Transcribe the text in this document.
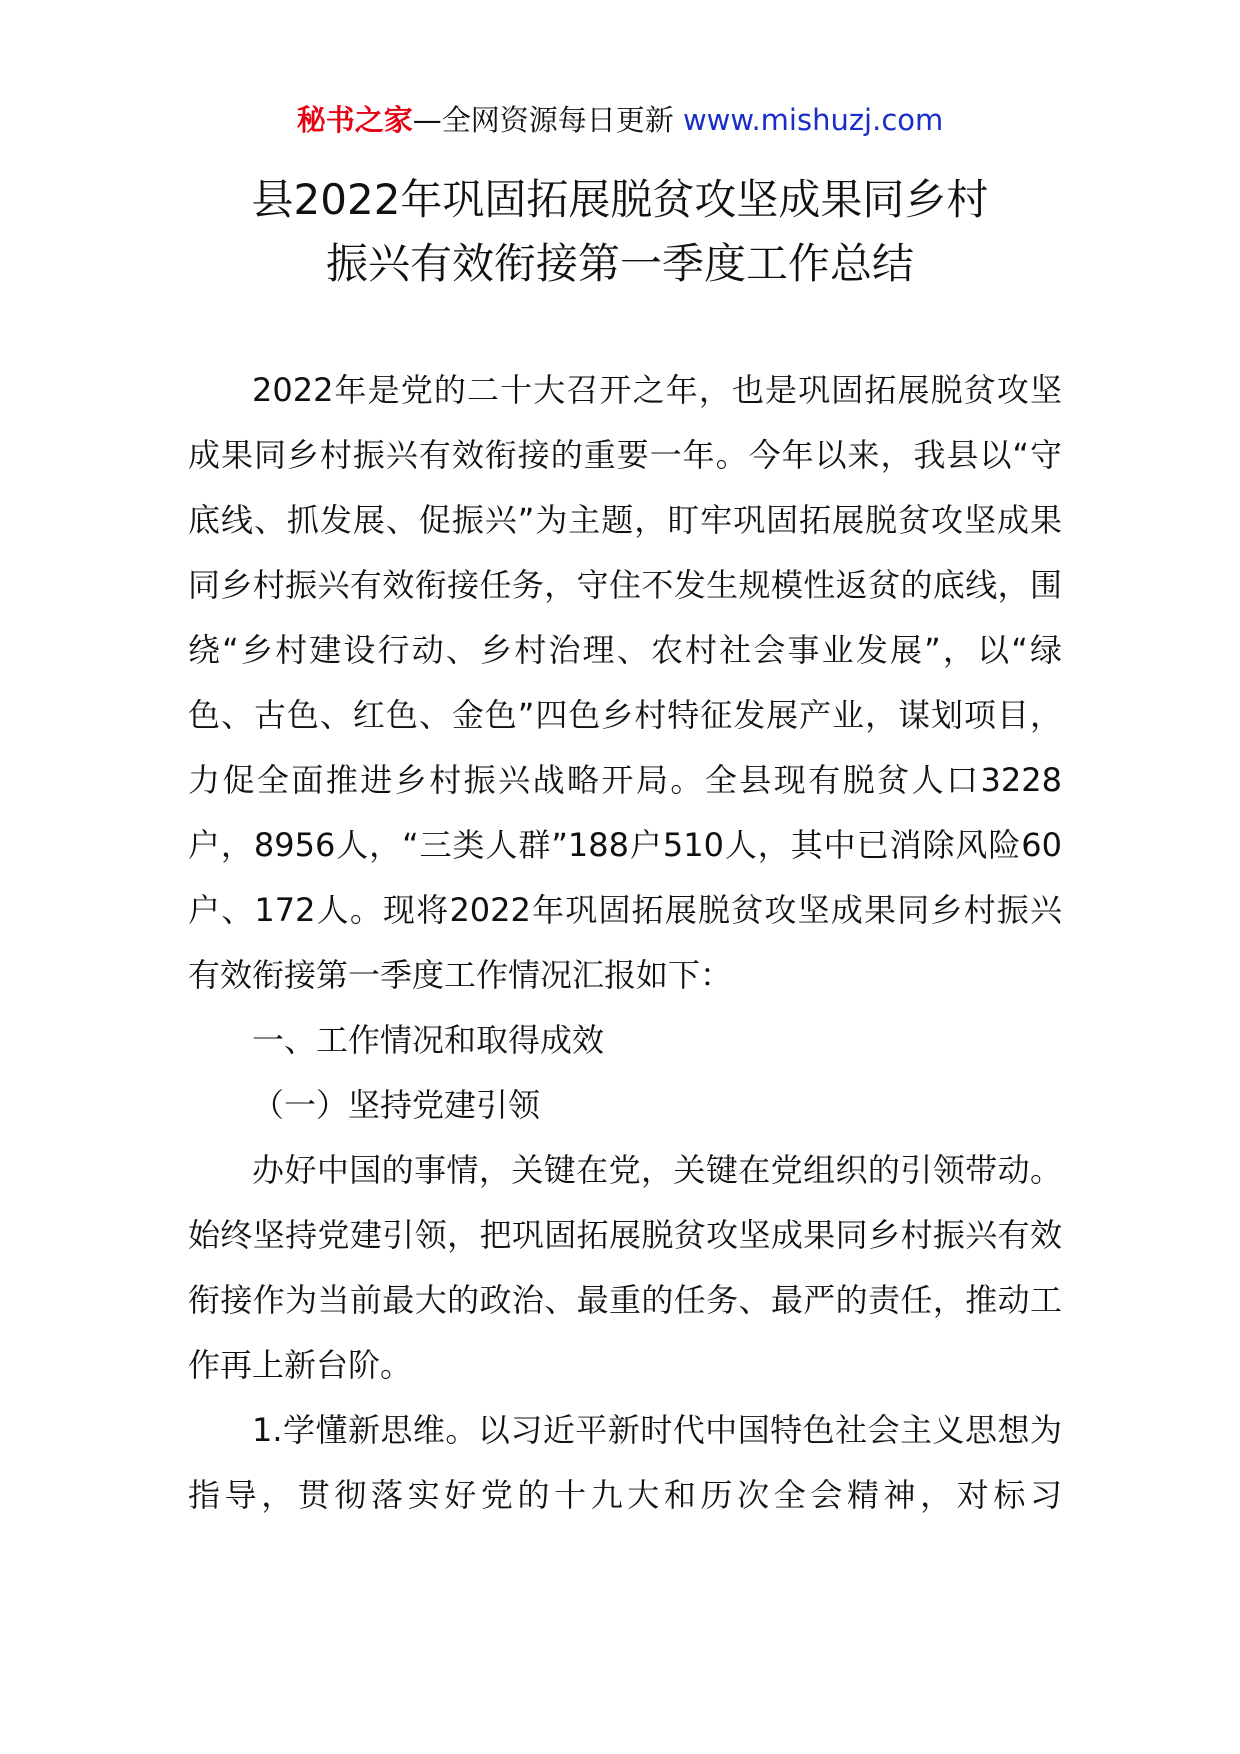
秘书之家—全网资源每日更新 www.mishuzj.com
县2022年巩固拓展脱贫攻坚成果同乡村
振兴有效衔接第一季度工作总结

2022年是党的二十大召开之年，也是巩固拓展脱贫攻坚成果同乡村振兴有效衔接的重要一年。今年以来，我县以“守底线、抓发展、促振兴”为主题，盯牢巩固拓展脱贫攻坚成果同乡村振兴有效衔接任务，守住不发生规模性返贫的底线，围绕“乡村建设行动、乡村治理、农村社会事业发展”，以“绿色、古色、红色、金色”四色乡村特征发展产业，谋划项目，力促全面推进乡村振兴战略开局。全县现有脱贫人口3228户，8956人，“三类人群”188户510人，其中已消除风险60户、172人。现将2022年巩固拓展脱贫攻坚成果同乡村振兴有效衔接第一季度工作情况汇报如下：

一、工作情况和取得成效

（一）坚持党建引领

办好中国的事情，关键在党，关键在党组织的引领带动。始终坚持党建引领，把巩固拓展脱贫攻坚成果同乡村振兴有效衔接作为当前最大的政治、最重的任务、最严的责任，推动工作再上新台阶。

1.学懂新思维。以习近平新时代中国特色社会主义思想为指导，贯彻落实好党的十九大和历次全会精神，对标习
